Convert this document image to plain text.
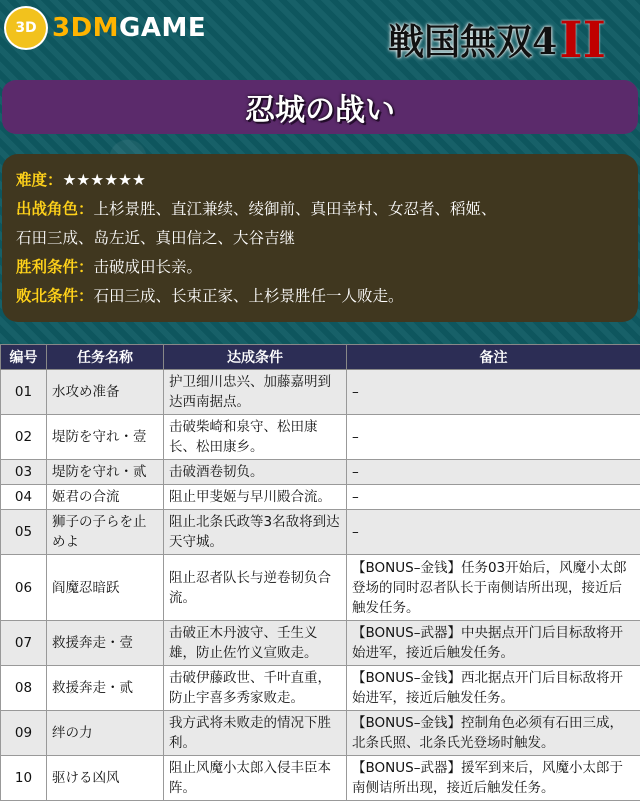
3D 3DMGAME	戦国無双4 II
忍城の战い
难度：★★★★★★
出战角色：上杉景胜、直江兼续、绫御前、真田幸村、女忍者、稻姬、
石田三成、岛左近、真田信之、大谷吉继
胜利条件：击破成田长亲。
败北条件：石田三成、长束正家、上杉景胜任一人败走。
编号	任务名称	达成条件	备注
01	水攻め准备	护卫细川忠兴、加藤嘉明到达西南据点。	–
02	堤防を守れ・壹	击破柴崎和泉守、松田康长、松田康乡。	–
03	堤防を守れ・贰	击破酒卷韧负。	–
04	姬君の合流	阻止甲斐姬与早川殿合流。	–
05	狮子の子らを止めよ	阻止北条氏政等3名敌将到达天守城。	–
06	阎魔忍暗跃	阻止忍者队长与逆卷韧负合流。	【BONUS–金钱】任务03开始后，风魔小太郎登场的同时忍者队长于南侧诘所出现，接近后触发任务。
07	救援奔走・壹	击破正木丹波守、壬生义雄，防止佐竹义宣败走。	【BONUS–武器】中央据点开门后目标敌将开始进军，接近后触发任务。
08	救援奔走・贰	击破伊藤政世、千叶直重，防止宇喜多秀家败走。	【BONUS–金钱】西北据点开门后目标敌将开始进军，接近后触发任务。
09	绊の力	我方武将未败走的情况下胜利。	【BONUS–金钱】控制角色必须有石田三成，北条氏照、北条氏光登场时触发。
10	驱ける凶风	阻止风魔小太郎入侵丰臣本阵。	【BONUS–武器】援军到来后，风魔小太郎于南侧诘所出现，接近后触发任务。
